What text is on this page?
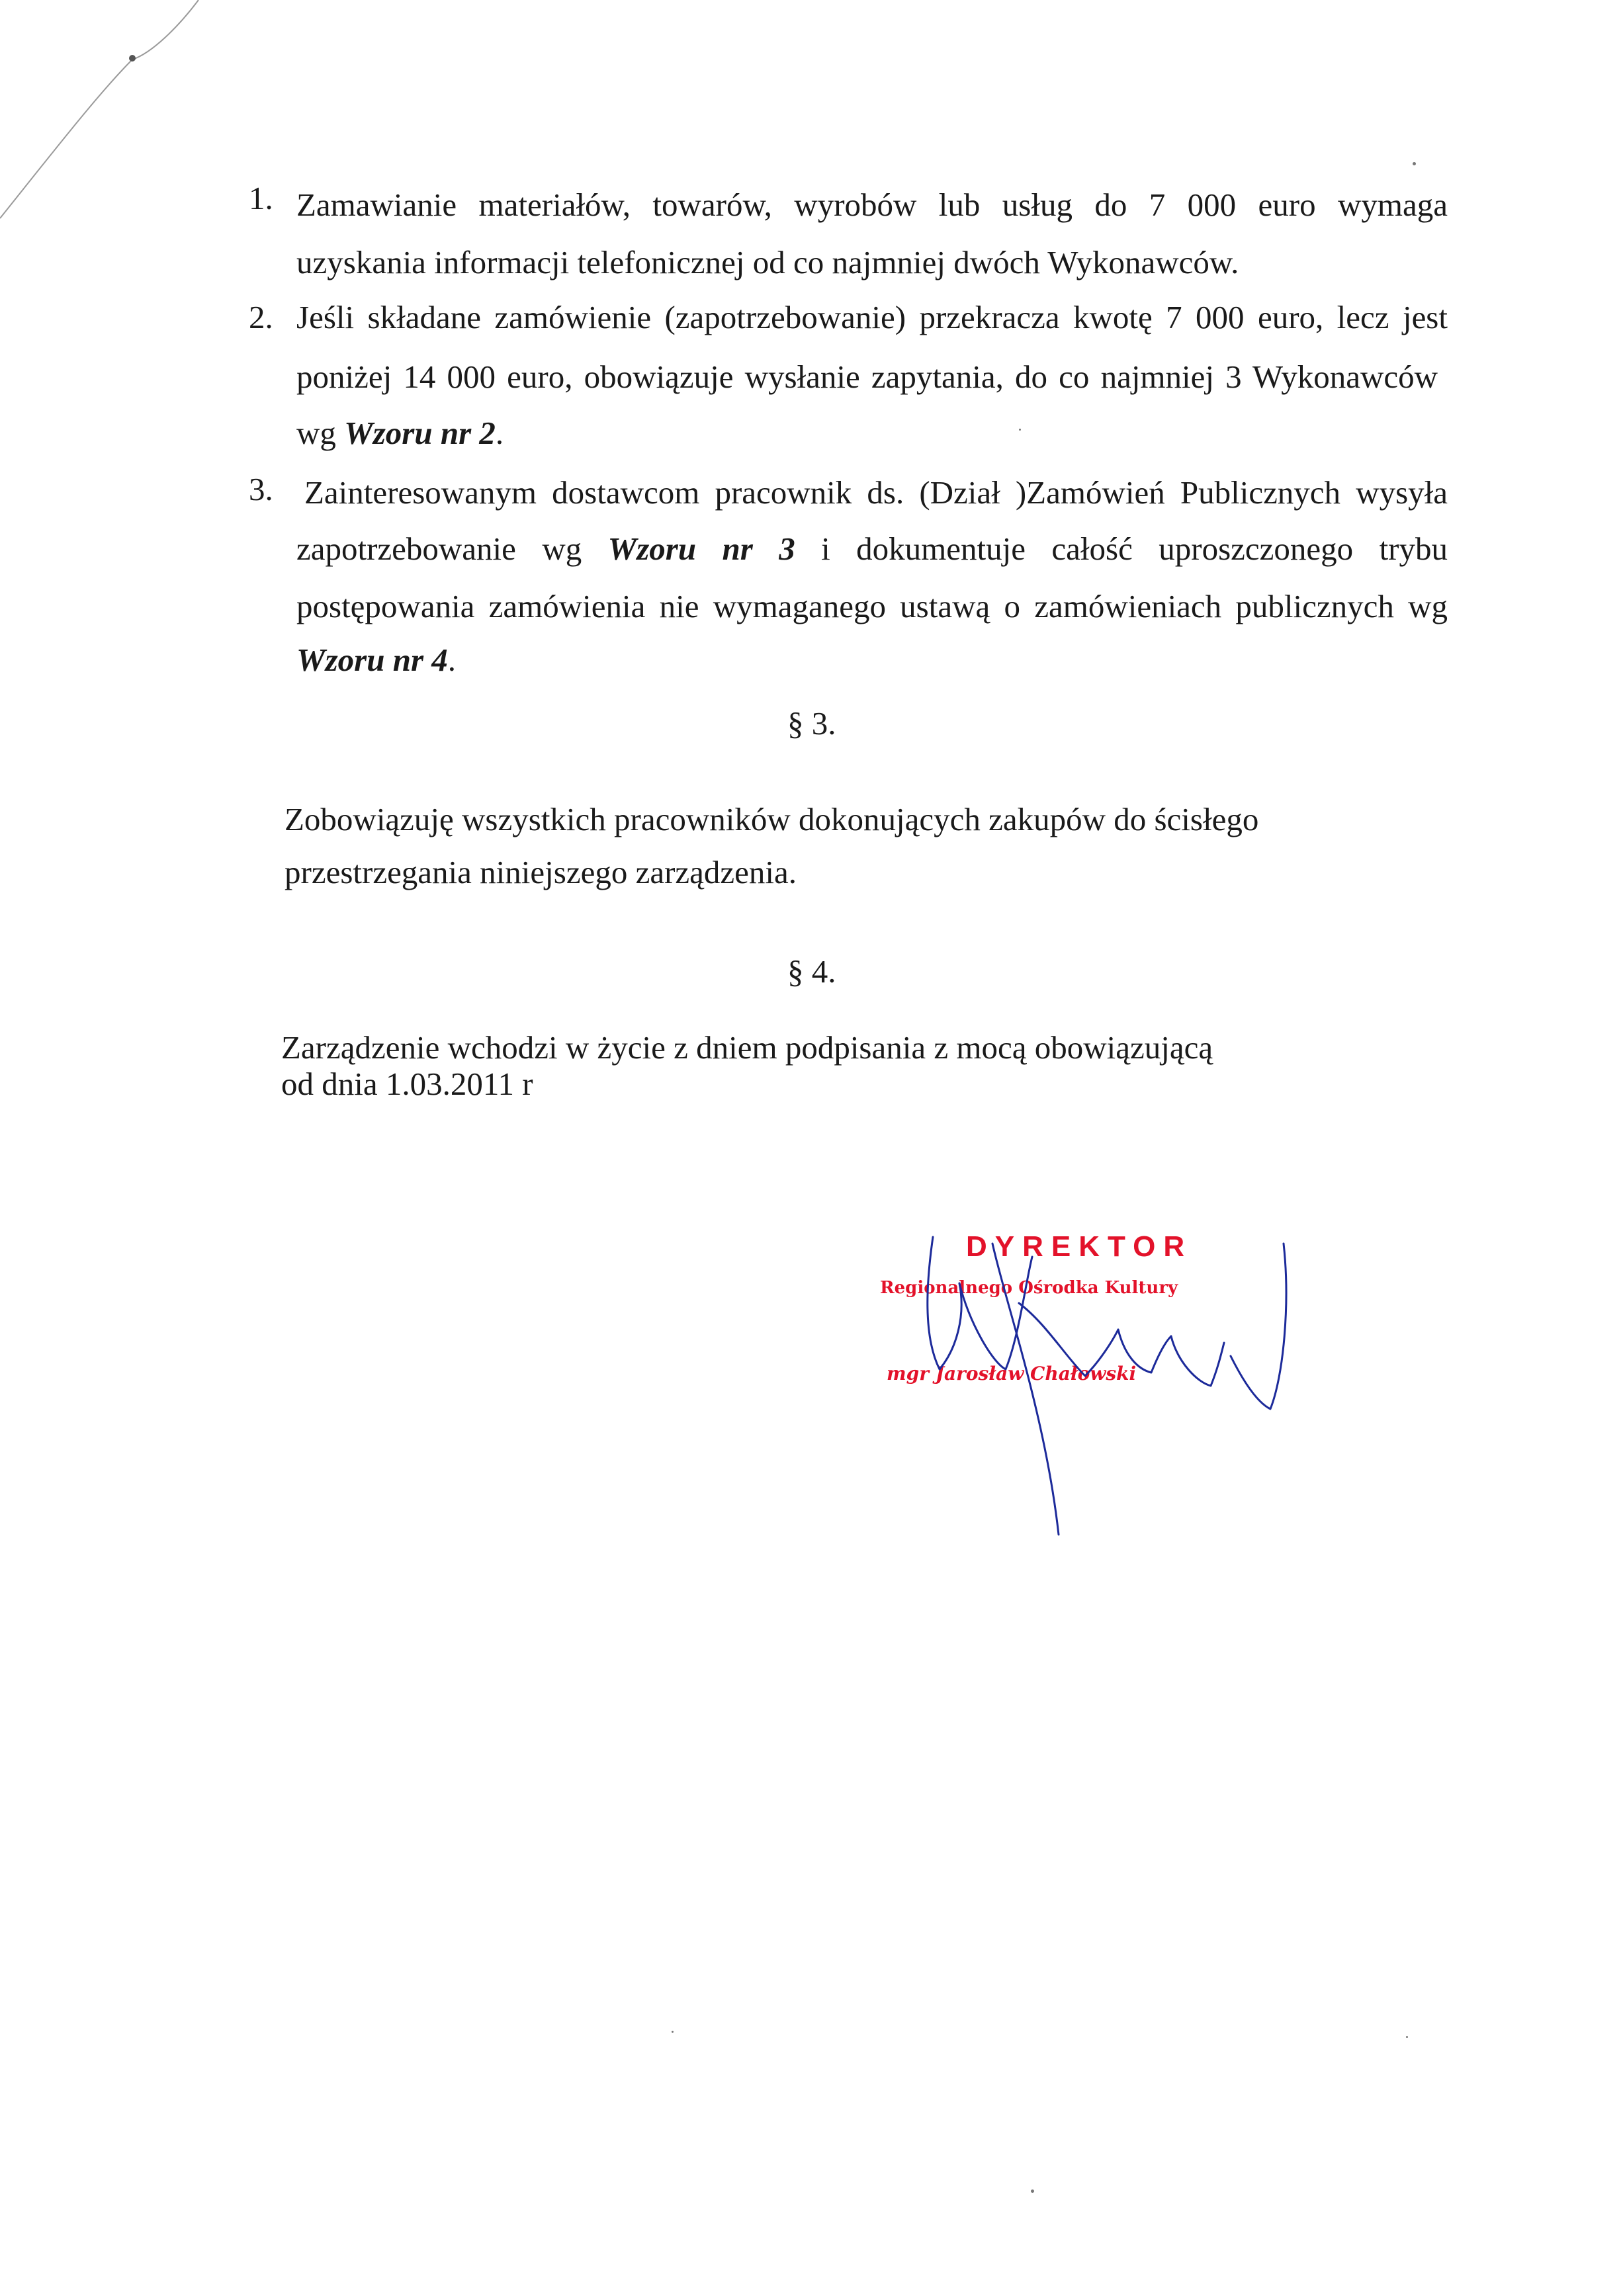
1. Zamawianie materiałów, towarów, wyrobów lub usług do 7 000 euro wymaga
uzyskania informacji telefonicznej od co najmniej dwóch Wykonawców.
2. Jeśli składane zamówienie (zapotrzebowanie) przekracza kwotę 7 000 euro, lecz jest
poniżej 14 000 euro, obowiązuje wysłanie zapytania, do co najmniej 3 Wykonawców
wg Wzoru nr 2.
3. Zainteresowanym dostawcom pracownik ds. (Dział )Zamówień Publicznych wysyła
zapotrzebowanie wg Wzoru nr 3 i dokumentuje całość uproszczonego trybu
postępowania zamówienia nie wymaganego ustawą o zamówieniach publicznych wg
Wzoru nr 4.
§ 3.
Zobowiązuję wszystkich pracowników dokonujących zakupów do ścisłego
przestrzegania niniejszego zarządzenia.
§ 4.
Zarządzenie wchodzi w życie z dniem podpisania z mocą obowiązującą
od dnia 1.03.2011 r
DYREKTOR
Regionalnego Ośrodka Kultury
mgr Jarosław Chałowski
